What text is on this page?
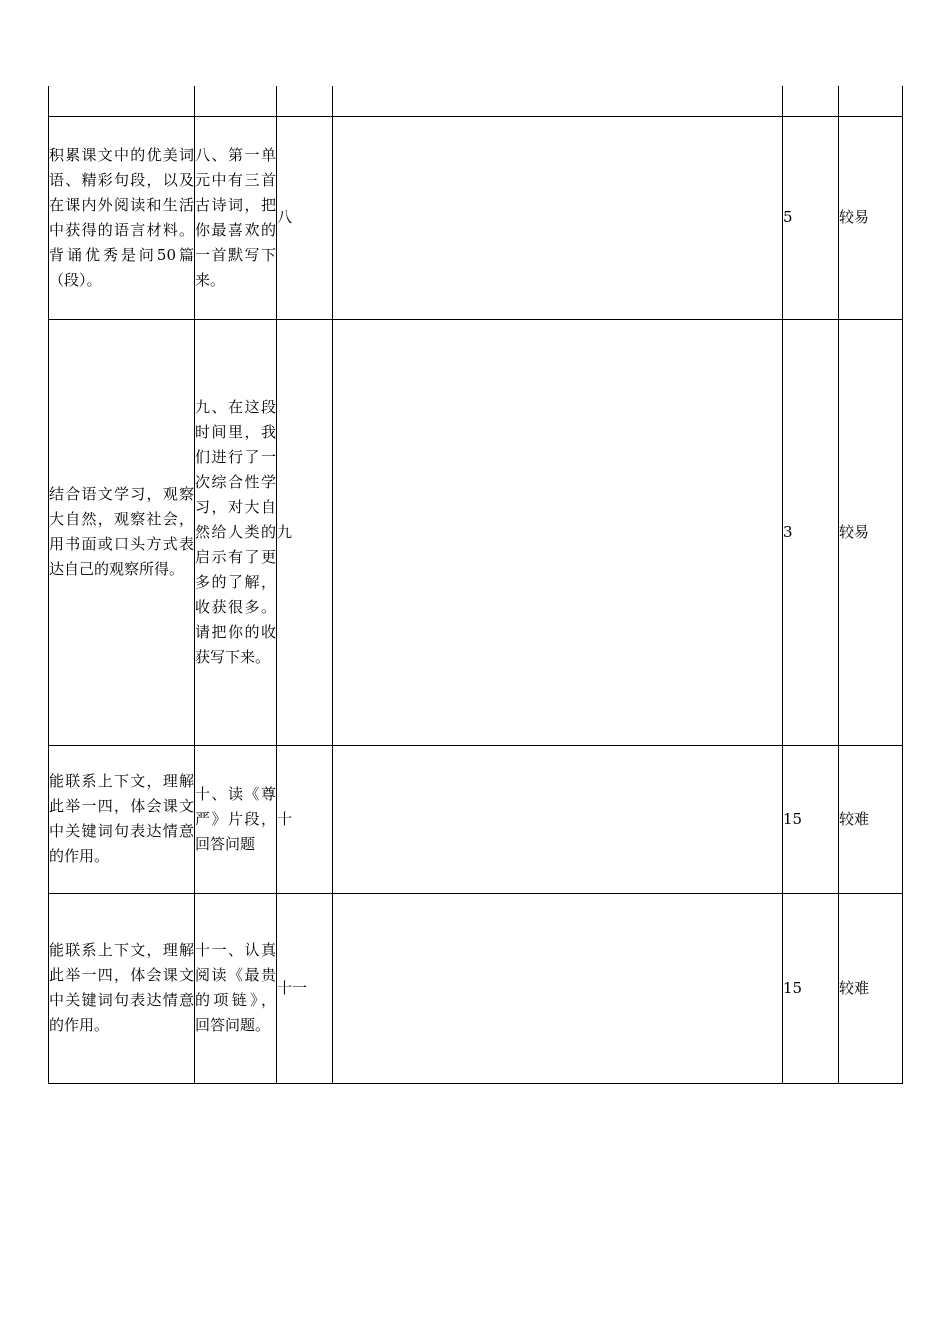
积累课文中的优美词语、精彩句段，以及在课内外阅读和生活中获得的语言材料。背诵优秀是问50篇（段）。	八、第一单元中有三首古诗词，把你最喜欢的一首默写下来。	八		5	较易
结合语文学习，观察大自然，观察社会，用书面或口头方式表达自己的观察所得。	九、在这段时间里，我们进行了一次综合性学习，对大自然给人类的启示有了更多的了解，收获很多。请把你的收获写下来。	九		3	较易
能联系上下文，理解此举一四，体会课文中关键词句表达情意的作用。	十、读《尊严》片段，回答问题	十		15	较难
能联系上下文，理解此举一四，体会课文中关键词句表达情意的作用。	十一、认真阅读《最贵的项链》，回答问题。	十一		15	较难
